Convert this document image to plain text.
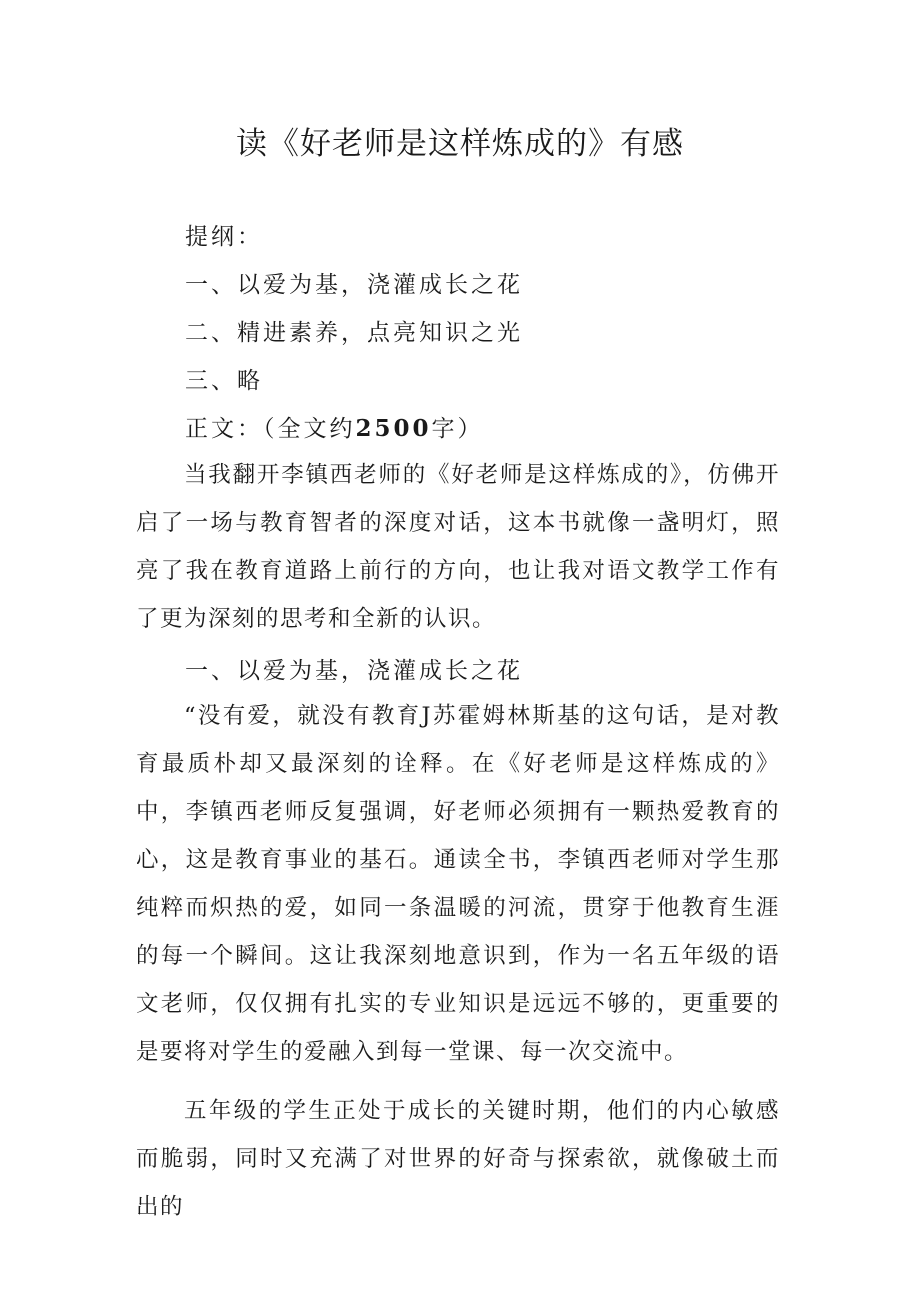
读《好老师是这样炼成的》有感
提纲：
一、以爱为基，浇灌成长之花
二、精进素养，点亮知识之光
三、略
正文：（全文约2500字）
当我翻开李镇西老师的《好老师是这样炼成的》，仿佛开启了一场与教育智者的深度对话，这本书就像一盏明灯，照亮了我在教育道路上前行的方向，也让我对语文教学工作有了更为深刻的思考和全新的认识。
一、以爱为基，浇灌成长之花
“没有爱，就没有教育J苏霍姆林斯基的这句话，是对教育最质朴却又最深刻的诠释。在《好老师是这样炼成的》中，李镇西老师反复强调，好老师必须拥有一颗热爱教育的心，这是教育事业的基石。通读全书，李镇西老师对学生那纯粹而炽热的爱，如同一条温暖的河流，贯穿于他教育生涯的每一个瞬间。这让我深刻地意识到，作为一名五年级的语文老师，仅仅拥有扎实的专业知识是远远不够的，更重要的是要将对学生的爱融入到每一堂课、每一次交流中。
五年级的学生正处于成长的关键时期，他们的内心敏感而脆弱，同时又充满了对世界的好奇与探索欲，就像破土而出的
